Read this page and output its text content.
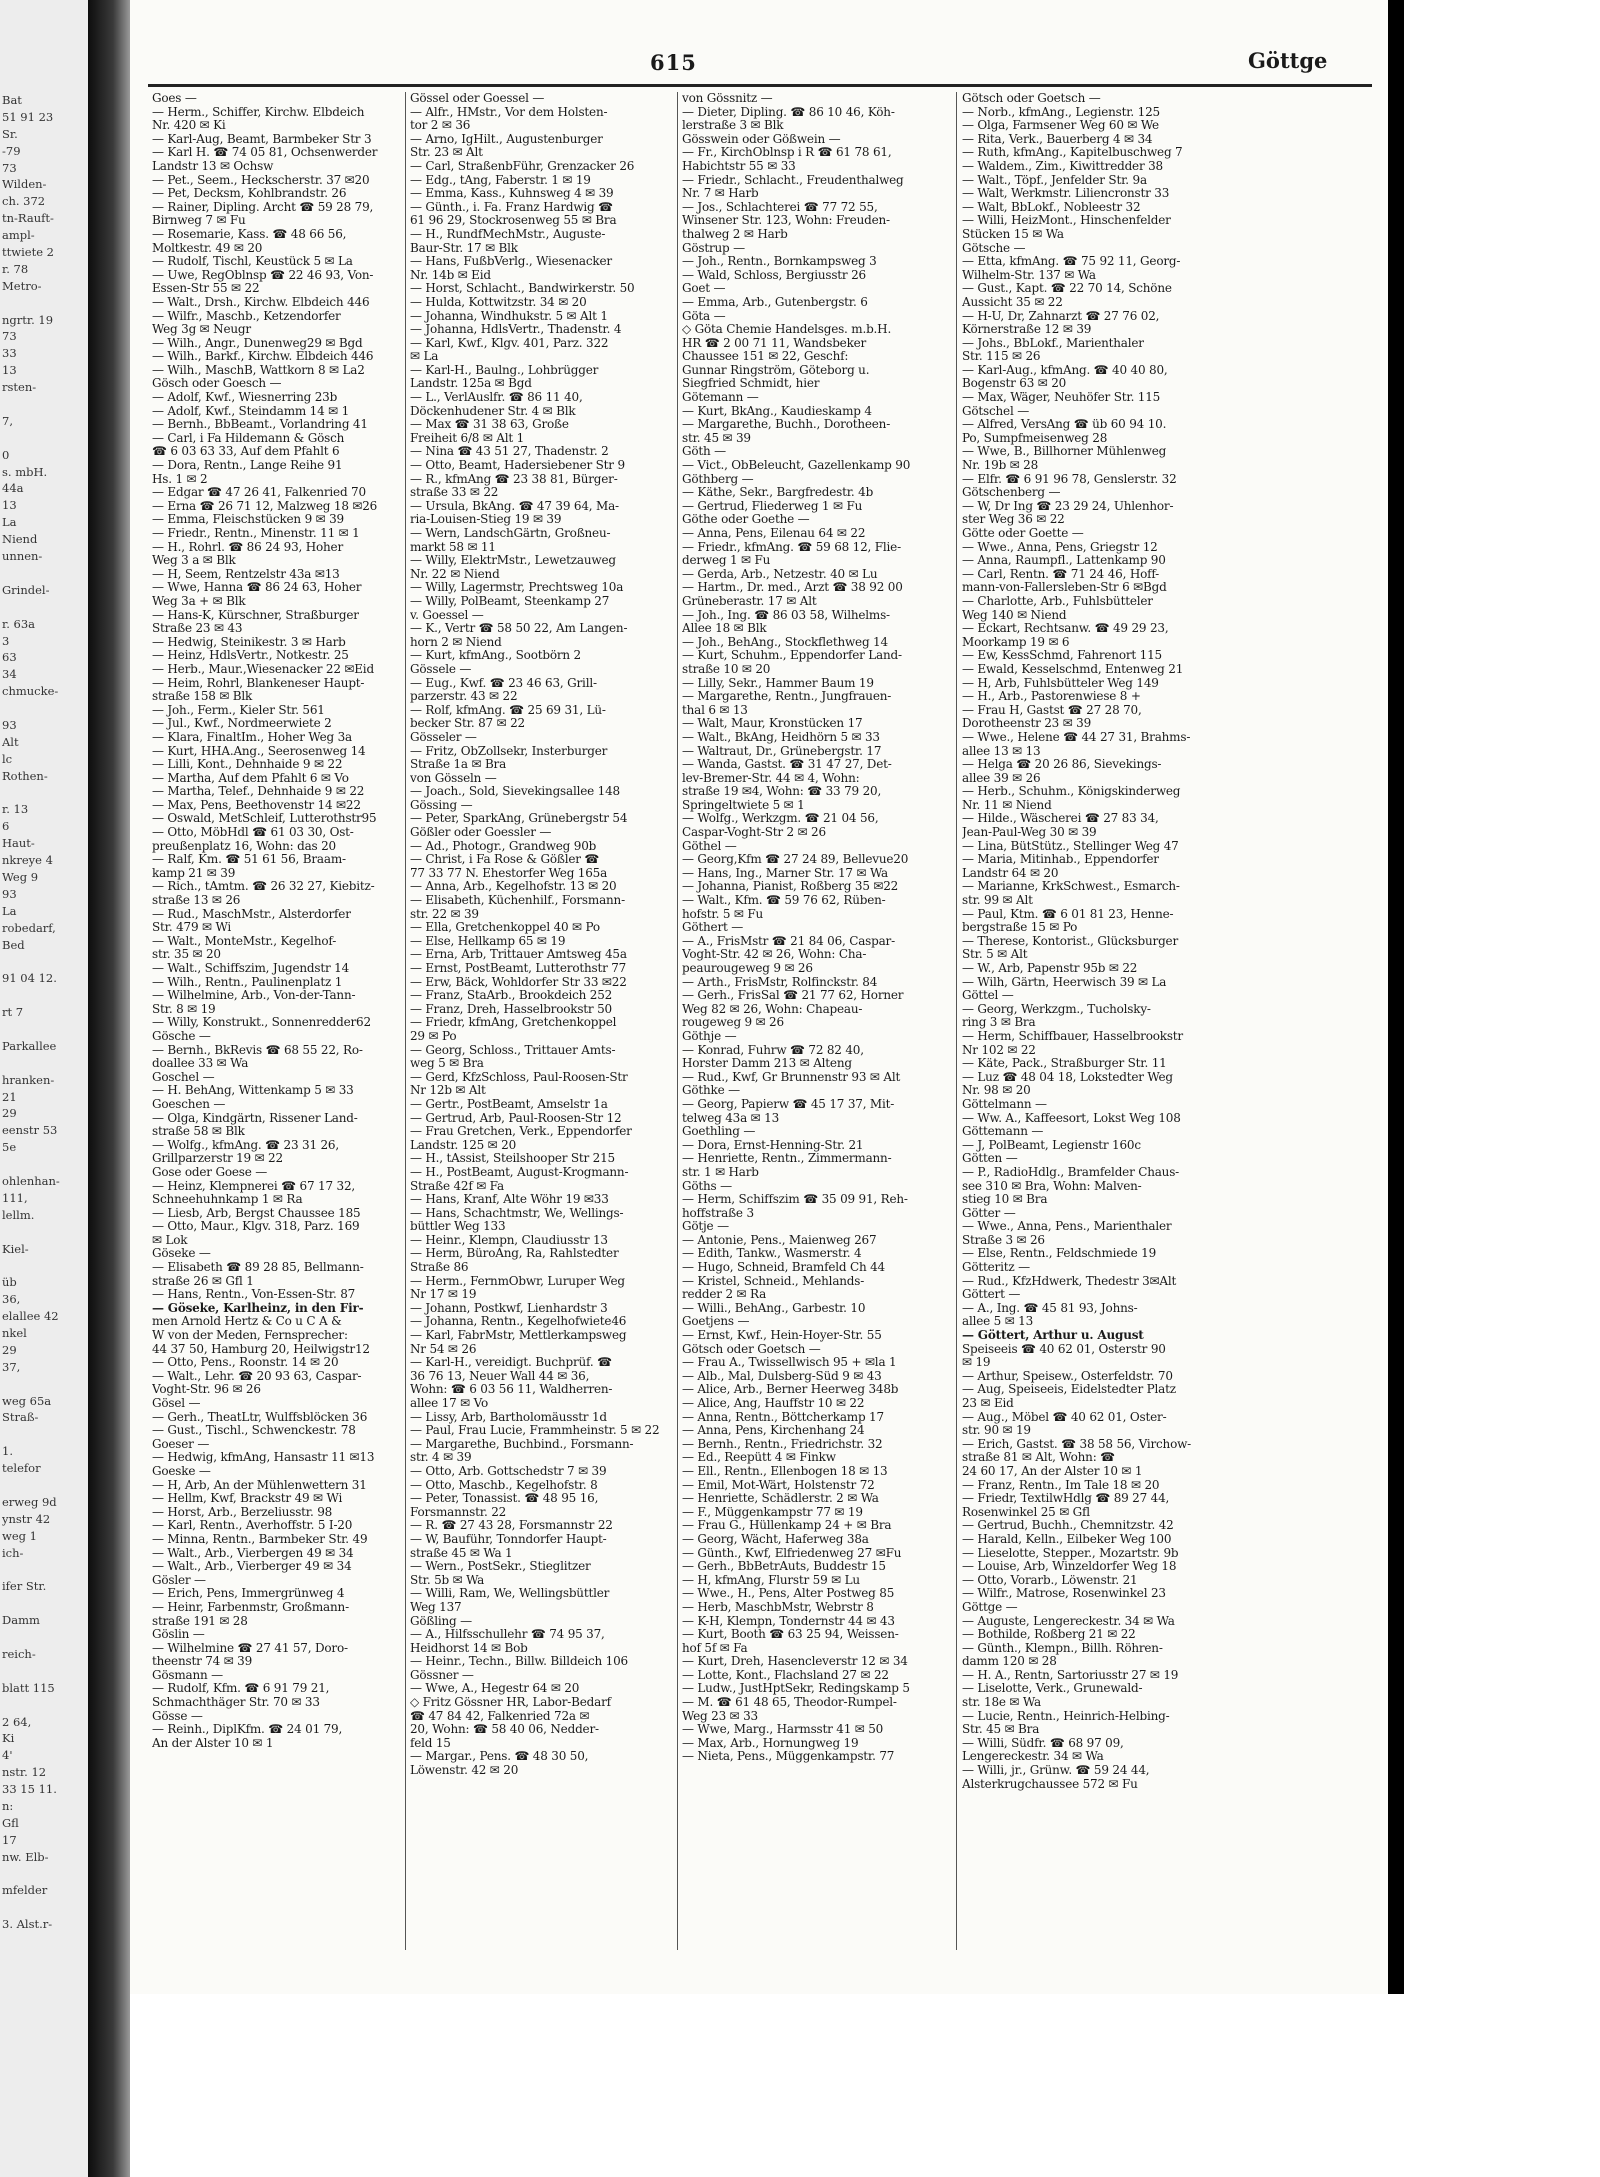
Bat
51 91 23
Sr.
-79
73
Wilden-
ch. 372
tn-Rauft-
ampl-
ttwiete 2
r. 78
Metro-
ngrtr. 19
73
33
13
rsten-
7,
0
s. mbH.
44a
13
La
Niend
unnen-
Grindel-
r. 63a
3
63
34
chmucke-
93
Alt
lc
Rothen-
r. 13
6
Haut-
nkreye 4
Weg 9
93
La
robedarf,
Bed
91 04 12.
rt 7
Parkallee
hranken-
21
29
eenstr 53
5e
ohlenhan-
111,
lellm.
Kiel-
üb
36,
elallee 42
nkel
29
37,
weg 65a
Straß-
1.
telefor
erweg 9d
ynstr 42
weg 1
ich-
ifer Str.
Damm
reich-
blatt 115
2 64,
Ki
4'
nstr. 12
33 15 11.
n:
Gfl
17
nw. Elb-
mfelder
3. Alst.r-
615	Göttge
Goes —
— Herm., Schiffer, Kirchw. Elbdeich
Nr. 420 ✉ Ki
— Karl-Aug, Beamt, Barmbeker Str 3
— Karl H. ☎ 74 05 81, Ochsenwerder
Landstr 13 ✉ Ochsw
— Pet., Seem., Heckscherstr. 37 ✉20
— Pet, Decksm, Kohlbrandstr. 26
— Rainer, Dipling. Archt ☎ 59 28 79,
Birnweg 7 ✉ Fu
— Rosemarie, Kass. ☎ 48 66 56,
Moltkestr. 49 ✉ 20
— Rudolf, Tischl, Keustück 5 ✉ La
— Uwe, RegOblnsp ☎ 22 46 93, Von-
Essen-Str 55 ✉ 22
— Walt., Drsh., Kirchw. Elbdeich 446
— Wilfr., Maschb., Ketzendorfer
Weg 3g ✉ Neugr
— Wilh., Angr., Dunenweg29 ✉ Bgd
— Wilh., Barkf., Kirchw. Elbdeich 446
— Wilh., MaschB, Wattkorn 8 ✉ La2
Gösch oder Goesch —
— Adolf, Kwf., Wiesnerring 23b
— Adolf, Kwf., Steindamm 14 ✉ 1
— Bernh., BbBeamt., Vorlandring 41
— Carl, i Fa Hildemann & Gösch
☎ 6 03 63 33, Auf dem Pfahlt 6
— Dora, Rentn., Lange Reihe 91
Hs. 1 ✉ 2
— Edgar ☎ 47 26 41, Falkenried 70
— Erna ☎ 26 71 12, Malzweg 18 ✉26
— Emma, Fleischstücken 9 ✉ 39
— Friedr., Rentn., Minenstr. 11 ✉ 1
— H., Rohrl. ☎ 86 24 93, Hoher
Weg 3 a ✉ Blk
— H, Seem, Rentzelstr 43a ✉13
— Wwe, Hanna ☎ 86 24 63, Hoher
Weg 3a + ✉ Blk
— Hans-K, Kürschner, Straßburger
Straße 23 ✉ 43
— Hedwig, Steinikestr. 3 ✉ Harb
— Heinz, HdlsVertr., Notkestr. 25
— Herb., Maur.,Wiesenacker 22 ✉Eid
— Heim, Rohrl, Blankeneser Haupt-
straße 158 ✉ Blk
— Joh., Ferm., Kieler Str. 561
— Jul., Kwf., Nordmeerwiete 2
— Klara, FinaltIm., Hoher Weg 3a
— Kurt, HHA.Ang., Seerosenweg 14
— Lilli, Kont., Dehnhaide 9 ✉ 22
— Martha, Auf dem Pfahlt 6 ✉ Vo
— Martha, Telef., Dehnhaide 9 ✉ 22
— Max, Pens, Beethovenstr 14 ✉22
— Oswald, MetSchleif, Lutterothstr95
— Otto, MöbHdl ☎ 61 03 30, Ost-
preußenplatz 16, Wohn: das 20
— Ralf, Km. ☎ 51 61 56, Braam-
kamp 21 ✉ 39
— Rich., tAmtm. ☎ 26 32 27, Kiebitz-
straße 13 ✉ 26
— Rud., MaschMstr., Alsterdorfer
Str. 479 ✉ Wi
— Walt., MonteMstr., Kegelhof-
str. 35 ✉ 20
— Walt., Schiffszim, Jugendstr 14
— Wilh., Rentn., Paulinenplatz 1
— Wilhelmine, Arb., Von-der-Tann-
Str. 8 ✉ 19
— Willy, Konstrukt., Sonnenredder62
Gösche —
— Bernh., BkRevis ☎ 68 55 22, Ro-
doallee 33 ✉ Wa
Goschel —
— H. BehAng, Wittenkamp 5 ✉ 33
Goeschen —
— Olga, Kindgärtn, Rissener Land-
straße 58 ✉ Blk
— Wolfg., kfmAng. ☎ 23 31 26,
Grillparzerstr 19 ✉ 22
Gose oder Goese —
— Heinz, Klempnerei ☎ 67 17 32,
Schneehuhnkamp 1 ✉ Ra
— Liesb, Arb, Bergst Chaussee 185
— Otto, Maur., Klgv. 318, Parz. 169
✉ Lok
Göseke —
— Elisabeth ☎ 89 28 85, Bellmann-
straße 26 ✉ Gfl 1
— Hans, Rentn., Von-Essen-Str. 87
— Göseke, Karlheinz, in den Fir-
men Arnold Hertz & Co u C A &
W von der Meden, Fernsprecher:
44 37 50, Hamburg 20, Heilwigstr12
— Otto, Pens., Roonstr. 14 ✉ 20
— Walt., Lehr. ☎ 20 93 63, Caspar-
Voght-Str. 96 ✉ 26
Gösel —
— Gerh., TheatLtr, Wulffsblöcken 36
— Gust., Tischl., Schwenckestr. 78
Goeser —
— Hedwig, kfmAng, Hansastr 11 ✉13
Goeske —
— H, Arb, An der Mühlenwettern 31
— Hellm, Kwf, Brackstr 49 ✉ Wi
— Horst, Arb., Berzeliusstr. 98
— Karl, Rentn., Averhoffstr. 5 I-20
— Minna, Rentn., Barmbeker Str. 49
— Walt., Arb., Vierbergen 49 ✉ 34
— Walt., Arb., Vierberger 49 ✉ 34
Gösler —
— Erich, Pens, Immergrünweg 4
— Heinr, Farbenmstr, Großmann-
straße 191 ✉ 28
Göslin —
— Wilhelmine ☎ 27 41 57, Doro-
theenstr 74 ✉ 39
Gösmann —
— Rudolf, Kfm. ☎ 6 91 79 21,
Schmachthäger Str. 70 ✉ 33
Gösse —
— Reinh., DiplKfm. ☎ 24 01 79,
An der Alster 10 ✉ 1
Gössel oder Goessel —
— Alfr., HMstr., Vor dem Holsten-
tor 2 ✉ 36
— Arno, IgHilt., Augustenburger
Str. 23 ✉ Alt
— Carl, StraßenbFühr, Grenzacker 26
— Edg., tAng, Faberstr. 1 ✉ 19
— Emma, Kass., Kuhnsweg 4 ✉ 39
— Günth., i. Fa. Franz Hardwig ☎
61 96 29, Stockrosenweg 55 ✉ Bra
— H., RundfMechMstr., Auguste-
Baur-Str. 17 ✉ Blk
— Hans, FußbVerlg., Wiesenacker
Nr. 14b ✉ Eid
— Horst, Schlacht., Bandwirkerstr. 50
— Hulda, Kottwitzstr. 34 ✉ 20
— Johanna, Windhukstr. 5 ✉ Alt 1
— Johanna, HdlsVertr., Thadenstr. 4
— Karl, Kwf., Klgv. 401, Parz. 322
✉ La
— Karl-H., Baulng., Lohbrügger
Landstr. 125a ✉ Bgd
— L., VerlAuslfr. ☎ 86 11 40,
Döckenhudener Str. 4 ✉ Blk
— Max ☎ 31 38 63, Große
Freiheit 6/8 ✉ Alt 1
— Nina ☎ 43 51 27, Thadenstr. 2
— Otto, Beamt, Hadersiebener Str 9
— R., kfmAng ☎ 23 38 81, Bürger-
straße 33 ✉ 22
— Ursula, BkAng. ☎ 47 39 64, Ma-
ria-Louisen-Stieg 19 ✉ 39
— Wern, LandschGärtn, Großneu-
markt 58 ✉ 11
— Willy, ElektrMstr., Lewetzauweg
Nr. 22 ✉ Niend
— Willy, Lagermstr, Prechtsweg 10a
— Willy, PolBeamt, Steenkamp 27
v. Goessel —
— K., Vertr ☎ 58 50 22, Am Langen-
horn 2 ✉ Niend
— Kurt, kfmAng., Sootbörn 2
Gössele —
— Eug., Kwf. ☎ 23 46 63, Grill-
parzerstr. 43 ✉ 22
— Rolf, kfmAng. ☎ 25 69 31, Lü-
becker Str. 87 ✉ 22
Gösseler —
— Fritz, ObZollsekr, Insterburger
Straße 1a ✉ Bra
von Gösseln —
— Joach., Sold, Sievekingsallee 148
Gössing —
— Peter, SparkAng, Grünebergstr 54
Gößler oder Goessler —
— Ad., Photogr., Grandweg 90b
— Christ, i Fa Rose & Gößler ☎
77 33 77 N. Ehestorfer Weg 165a
— Anna, Arb., Kegelhofstr. 13 ✉ 20
— Elisabeth, Küchenhilf., Forsmann-
str. 22 ✉ 39
— Ella, Gretchenkoppel 40 ✉ Po
— Else, Hellkamp 65 ✉ 19
— Erna, Arb, Trittauer Amtsweg 45a
— Ernst, PostBeamt, Lutterothstr 77
— Erw, Bäck, Wohldorfer Str 33 ✉22
— Franz, StaArb., Brookdeich 252
— Franz, Dreh, Hasselbrookstr 50
— Friedr, kfmAng, Gretchenkoppel
29 ✉ Po
— Georg, Schloss., Trittauer Amts-
weg 5 ✉ Bra
— Gerd, KfzSchloss, Paul-Roosen-Str
Nr 12b ✉ Alt
— Gertr., PostBeamt, Amselstr 1a
— Gertrud, Arb, Paul-Roosen-Str 12
— Frau Gretchen, Verk., Eppendorfer
Landstr. 125 ✉ 20
— H., tAssist, Steilshooper Str 215
— H., PostBeamt, August-Krogmann-
Straße 42f ✉ Fa
— Hans, Kranf, Alte Wöhr 19 ✉33
— Hans, Schachtmstr, We, Wellings-
büttler Weg 133
— Heinr., Klempn, Claudiusstr 13
— Herm, BüroAng, Ra, Rahlstedter
Straße 86
— Herm., FernmObwr, Luruper Weg
Nr 17 ✉ 19
— Johann, Postkwf, Lienhardstr 3
— Johanna, Rentn., Kegelhofwiete46
— Karl, FabrMstr, Mettlerkampsweg
Nr 54 ✉ 26
— Karl-H., vereidigt. Buchprüf. ☎
36 76 13, Neuer Wall 44 ✉ 36,
Wohn: ☎ 6 03 56 11, Waldherren-
allee 17 ✉ Vo
— Lissy, Arb, Bartholomäusstr 1d
— Paul, Frau Lucie, Frammheinstr. 5 ✉ 22
— Margarethe, Buchbind., Forsmann-
str. 4 ✉ 39
— Otto, Arb. Gottschedstr 7 ✉ 39
— Otto, Maschb., Kegelhofstr. 8
— Peter, Tonassist. ☎ 48 95 16,
Forsmannstr. 22
— R. ☎ 27 43 28, Forsmannstr 22
— W, Bauführ, Tonndorfer Haupt-
straße 45 ✉ Wa 1
— Wern., PostSekr., Stieglitzer
Str. 5b ✉ Wa
— Willi, Ram, We, Wellingsbüttler
Weg 137
Gößling —
— A., Hilfsschullehr ☎ 74 95 37,
Heidhorst 14 ✉ Bob
— Heinr., Techn., Billw. Billdeich 106
Gössner —
— Wwe, A., Hegestr 64 ✉ 20
◇ Fritz Gössner HR, Labor-Bedarf
☎ 47 84 42, Falkenried 72a ✉
20, Wohn: ☎ 58 40 06, Nedder-
feld 15
— Margar., Pens. ☎ 48 30 50,
Löwenstr. 42 ✉ 20
von Gössnitz —
— Dieter, Dipling. ☎ 86 10 46, Köh-
lerstraße 3 ✉ Blk
Gösswein oder Gößwein —
— Fr., KirchOblnsp i R ☎ 61 78 61,
Habichtstr 55 ✉ 33
— Friedr., Schlacht., Freudenthalweg
Nr. 7 ✉ Harb
— Jos., Schlachterei ☎ 77 72 55,
Winsener Str. 123, Wohn: Freuden-
thalweg 2 ✉ Harb
Göstrup —
— Joh., Rentn., Bornkampsweg 3
— Wald, Schloss, Bergiusstr 26
Goet —
— Emma, Arb., Gutenbergstr. 6
Göta —
◇ Göta Chemie Handelsges. m.b.H.
HR ☎ 2 00 71 11, Wandsbeker
Chaussee 151 ✉ 22, Geschf:
Gunnar Ringström, Göteborg u.
Siegfried Schmidt, hier
Götemann —
— Kurt, BkAng., Kaudieskamp 4
— Margarethe, Buchh., Dorotheen-
str. 45 ✉ 39
Göth —
— Vict., ObBeleucht, Gazellenkamp 90
Göthberg —
— Käthe, Sekr., Bargfredestr. 4b
— Gertrud, Fliederweg 1 ✉ Fu
Göthe oder Goethe —
— Anna, Pens, Eilenau 64 ✉ 22
— Friedr., kfmAng. ☎ 59 68 12, Flie-
derweg 1 ✉ Fu
— Gerda, Arb., Netzestr. 40 ✉ Lu
— Hartm., Dr. med., Arzt ☎ 38 92 00
Grüneberastr. 17 ✉ Alt
— Joh., Ing. ☎ 86 03 58, Wilhelms-
Allee 18 ✉ Blk
— Joh., BehAng., Stockflethweg 14
— Kurt, Schuhm., Eppendorfer Land-
straße 10 ✉ 20
— Lilly, Sekr., Hammer Baum 19
— Margarethe, Rentn., Jungfrauen-
thal 6 ✉ 13
— Walt, Maur, Kronstücken 17
— Walt., BkAng, Heidhörn 5 ✉ 33
— Waltraut, Dr., Grünebergstr. 17
— Wanda, Gastst. ☎ 31 47 27, Det-
lev-Bremer-Str. 44 ✉ 4, Wohn:
straße 19 ✉4, Wohn: ☎ 33 79 20,
Springeltwiete 5 ✉ 1
— Wolfg., Werkzgm. ☎ 21 04 56,
Caspar-Voght-Str 2 ✉ 26
Göthel —
— Georg,Kfm ☎ 27 24 89, Bellevue20
— Hans, Ing., Marner Str. 17 ✉ Wa
— Johanna, Pianist, Roßberg 35 ✉22
— Walt., Kfm. ☎ 59 76 62, Rüben-
hofstr. 5 ✉ Fu
Göthert —
— A., FrisMstr ☎ 21 84 06, Caspar-
Voght-Str. 42 ✉ 26, Wohn: Cha-
peaurougeweg 9 ✉ 26
— Arth., FrisMstr, Rolfinckstr. 84
— Gerh., FrisSal ☎ 21 77 62, Horner
Weg 82 ✉ 26, Wohn: Chapeau-
rougeweg 9 ✉ 26
Göthje —
— Konrad, Fuhrw ☎ 72 82 40,
Horster Damm 213 ✉ Alteng
— Rud., Kwf, Gr Brunnenstr 93 ✉ Alt
Göthke —
— Georg, Papierw ☎ 45 17 37, Mit-
telweg 43a ✉ 13
Goethling —
— Dora, Ernst-Henning-Str. 21
— Henriette, Rentn., Zimmermann-
str. 1 ✉ Harb
Göths —
— Herm, Schiffszim ☎ 35 09 91, Reh-
hoffstraße 3
Götje —
— Antonie, Pens., Maienweg 267
— Edith, Tankw., Wasmerstr. 4
— Hugo, Schneid, Bramfeld Ch 44
— Kristel, Schneid., Mehlands-
redder 2 ✉ Ra
— Willi., BehAng., Garbestr. 10
Goetjens —
— Ernst, Kwf., Hein-Hoyer-Str. 55
Götsch oder Goetsch —
— Frau A., Twissellwisch 95 + ✉la 1
— Alb., Mal, Dulsberg-Süd 9 ✉ 43
— Alice, Arb., Berner Heerweg 348b
— Alice, Ang, Hauffstr 10 ✉ 22
— Anna, Rentn., Böttcherkamp 17
— Anna, Pens, Kirchenhang 24
— Bernh., Rentn., Friedrichstr. 32
— Ed., Reepütt 4 ✉ Finkw
— Ell., Rentn., Ellenbogen 18 ✉ 13
— Emil, Mot-Wärt, Holstenstr 72
— Henriette, Schädlerstr. 2 ✉ Wa
— F., Müggenkampstr 77 ✉ 19
— Frau G., Hüllenkamp 24 + ✉ Bra
— Georg, Wächt, Haferweg 38a
— Günth., Kwf, Elfriedenweg 27 ✉Fu
— Gerh., BbBetrAuts, Buddestr 15
— H, kfmAng, Flurstr 59 ✉ Lu
— Wwe., H., Pens, Alter Postweg 85
— Herb, MaschbMstr, Webrstr 8
— K-H, Klempn, Tondernstr 44 ✉ 43
— Kurt, Booth ☎ 63 25 94, Weissen-
hof 5f ✉ Fa
— Kurt, Dreh, Hasencleverstr 12 ✉ 34
— Lotte, Kont., Flachsland 27 ✉ 22
— Ludw., JustHptSekr, Redingskamp 5
— M. ☎ 61 48 65, Theodor-Rumpel-
Weg 23 ✉ 33
— Wwe, Marg., Harmsstr 41 ✉ 50
— Max, Arb., Hornungweg 19
— Nieta, Pens., Müggenkampstr. 77
Götsch oder Goetsch —
— Norb., kfmAng., Legienstr. 125
— Olga, Farmsener Weg 60 ✉ We
— Rita, Verk., Bauerberg 4 ✉ 34
— Ruth, kfmAng., Kapitelbuschweg 7
— Waldem., Zim., Kiwittredder 38
— Walt., Töpf., Jenfelder Str. 9a
— Walt, Werkmstr. Liliencronstr 33
— Walt, BbLokf., Nobleestr 32
— Willi, HeizMont., Hinschenfelder
Stücken 15 ✉ Wa
Götsche —
— Etta, kfmAng. ☎ 75 92 11, Georg-
Wilhelm-Str. 137 ✉ Wa
— Gust., Kapt. ☎ 22 70 14, Schöne
Aussicht 35 ✉ 22
— H-U, Dr, Zahnarzt ☎ 27 76 02,
Körnerstraße 12 ✉ 39
— Johs., BbLokf., Marienthaler
Str. 115 ✉ 26
— Karl-Aug., kfmAng. ☎ 40 40 80,
Bogenstr 63 ✉ 20
— Max, Wäger, Neuhöfer Str. 115
Götschel —
— Alfred, VersAng ☎ üb 60 94 10.
Po, Sumpfmeisenweg 28
— Wwe, B., Billhorner Mühlenweg
Nr. 19b ✉ 28
— Elfr. ☎ 6 91 96 78, Genslerstr. 32
Götschenberg —
— W, Dr Ing ☎ 23 29 24, Uhlenhor-
ster Weg 36 ✉ 22
Götte oder Goette —
— Wwe., Anna, Pens, Griegstr 12
— Anna, Raumpfl., Lattenkamp 90
— Carl, Rentn. ☎ 71 24 46, Hoff-
mann-von-Fallersleben-Str 6 ✉Bgd
— Charlotte, Arb., Fuhlsbütteler
Weg 140 ✉ Niend
— Eckart, Rechtsanw. ☎ 49 29 23,
Moorkamp 19 ✉ 6
— Ew, KessSchmd, Fahrenort 115
— Ewald, Kesselschmd, Entenweg 21
— H, Arb, Fuhlsbütteler Weg 149
— H., Arb., Pastorenwiese 8 +
— Frau H, Gastst ☎ 27 28 70,
Dorotheenstr 23 ✉ 39
— Wwe., Helene ☎ 44 27 31, Brahms-
allee 13 ✉ 13
— Helga ☎ 20 26 86, Sievekings-
allee 39 ✉ 26
— Herb., Schuhm., Königskinderweg
Nr. 11 ✉ Niend
— Hilde., Wäscherei ☎ 27 83 34,
Jean-Paul-Weg 30 ✉ 39
— Lina, BütStütz., Stellinger Weg 47
— Maria, Mitinhab., Eppendorfer
Landstr 64 ✉ 20
— Marianne, KrkSchwest., Esmarch-
str. 99 ✉ Alt
— Paul, Ktm. ☎ 6 01 81 23, Henne-
bergstraße 15 ✉ Po
— Therese, Kontorist., Glücksburger
Str. 5 ✉ Alt
— W., Arb, Papenstr 95b ✉ 22
— Wilh, Gärtn, Heerwisch 39 ✉ La
Göttel —
— Georg, Werkzgm., Tucholsky-
ring 3 ✉ Bra
— Herm, Schiffbauer, Hasselbrookstr
Nr 102 ✉ 22
— Käte, Pack., Straßburger Str. 11
— Luz ☎ 48 04 18, Lokstedter Weg
Nr. 98 ✉ 20
Göttelmann —
— Ww. A., Kaffeesort, Lokst Weg 108
Göttemann —
— J, PolBeamt, Legienstr 160c
Götten —
— P., RadioHdlg., Bramfelder Chaus-
see 310 ✉ Bra, Wohn: Malven-
stieg 10 ✉ Bra
Götter —
— Wwe., Anna, Pens., Marienthaler
Straße 3 ✉ 26
— Else, Rentn., Feldschmiede 19
Götteritz —
— Rud., KfzHdwerk, Thedestr 3✉Alt
Göttert —
— A., Ing. ☎ 45 81 93, Johns-
allee 5 ✉ 13
— Göttert, Arthur u. August
Speiseeis ☎ 40 62 01, Osterstr 90
✉ 19
— Arthur, Speisew., Osterfeldstr. 70
— Aug, Speiseeis, Eidelstedter Platz
23 ✉ Eid
— Aug., Möbel ☎ 40 62 01, Oster-
str. 90 ✉ 19
— Erich, Gastst. ☎ 38 58 56, Virchow-
straße 81 ✉ Alt, Wohn: ☎
24 60 17, An der Alster 10 ✉ 1
— Franz, Rentn., Im Tale 18 ✉ 20
— Friedr, TextilwHdlg ☎ 89 27 44,
Rosenwinkel 25 ✉ Gfl
— Gertrud, Buchh., Chemnitzstr. 42
— Harald, Kelln., Eilbeker Weg 100
— Lieselotte, Stepper., Mozartstr. 9b
— Louise, Arb, Winzeldorfer Weg 18
— Otto, Vorarb., Löwenstr. 21
— Wilfr., Matrose, Rosenwinkel 23
Göttge —
— Auguste, Lengereckestr. 34 ✉ Wa
— Bothilde, Roßberg 21 ✉ 22
— Günth., Klempn., Billh. Röhren-
damm 120 ✉ 28
— H. A., Rentn, Sartoriusstr 27 ✉ 19
— Liselotte, Verk., Grunewald-
str. 18e ✉ Wa
— Lucie, Rentn., Heinrich-Helbing-
Str. 45 ✉ Bra
— Willi, Südfr. ☎ 68 97 09,
Lengereckestr. 34 ✉ Wa
— Willi, jr., Grünw. ☎ 59 24 44,
Alsterkrugchaussee 572 ✉ Fu
